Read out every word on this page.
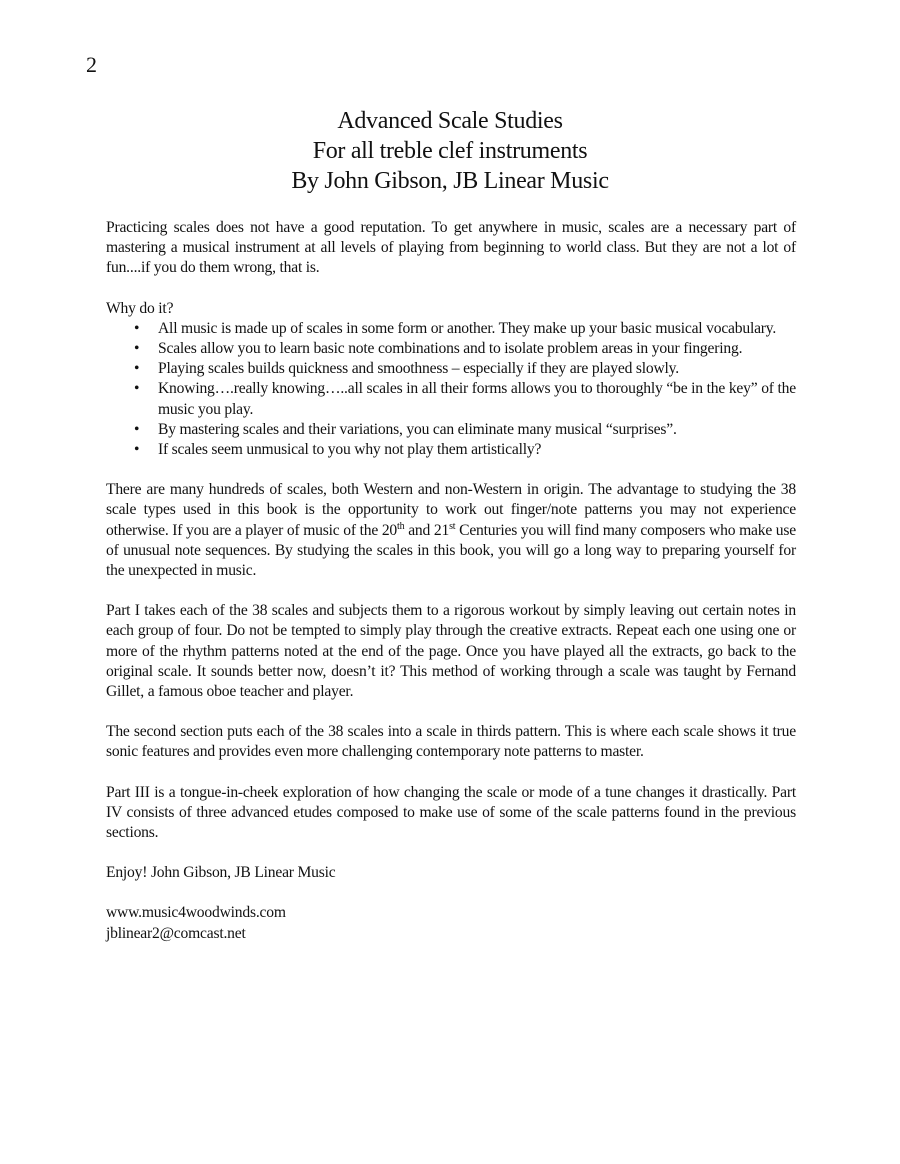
2
Advanced Scale Studies
For all treble clef instruments
By John Gibson, JB Linear Music

Practicing scales does not have a good reputation. To get anywhere in music, scales are a necessary part of mastering a musical instrument at all levels of playing from beginning to world class. But they are not a lot of fun....if you do them wrong, that is.

Why do it?

• All music is made up of scales in some form or another. They make up your basic musical vocabulary.
• Scales allow you to learn basic note combinations and to isolate problem areas in your fingering.
• Playing scales builds quickness and smoothness – especially if they are played slowly.
• Knowing….really knowing…..all scales in all their forms allows you to thoroughly “be in the key” of the music you play.
• By mastering scales and their variations, you can eliminate many musical “surprises”.
• If scales seem unmusical to you why not play them artistically?

There are many hundreds of scales, both Western and non-Western in origin. The advantage to studying the 38 scale types used in this book is the opportunity to work out finger/note patterns you may not experience otherwise. If you are a player of music of the 20th and 21st Centuries you will find many composers who make use of unusual note sequences. By studying the scales in this book, you will go a long way to preparing yourself for the unexpected in music.

Part I takes each of the 38 scales and subjects them to a rigorous workout by simply leaving out certain notes in each group of four. Do not be tempted to simply play through the creative extracts. Repeat each one using one or more of the rhythm patterns noted at the end of the page. Once you have played all the extracts, go back to the original scale. It sounds better now, doesn’t it? This method of working through a scale was taught by Fernand Gillet, a famous oboe teacher and player.

The second section puts each of the 38 scales into a scale in thirds pattern. This is where each scale shows it true sonic features and provides even more challenging contemporary note patterns to master.

Part III is a tongue-in-cheek exploration of how changing the scale or mode of a tune changes it drastically. Part IV consists of three advanced etudes composed to make use of some of the scale patterns found in the previous sections.

Enjoy! John Gibson, JB Linear Music

www.music4woodwinds.com

jblinear2@comcast.net
